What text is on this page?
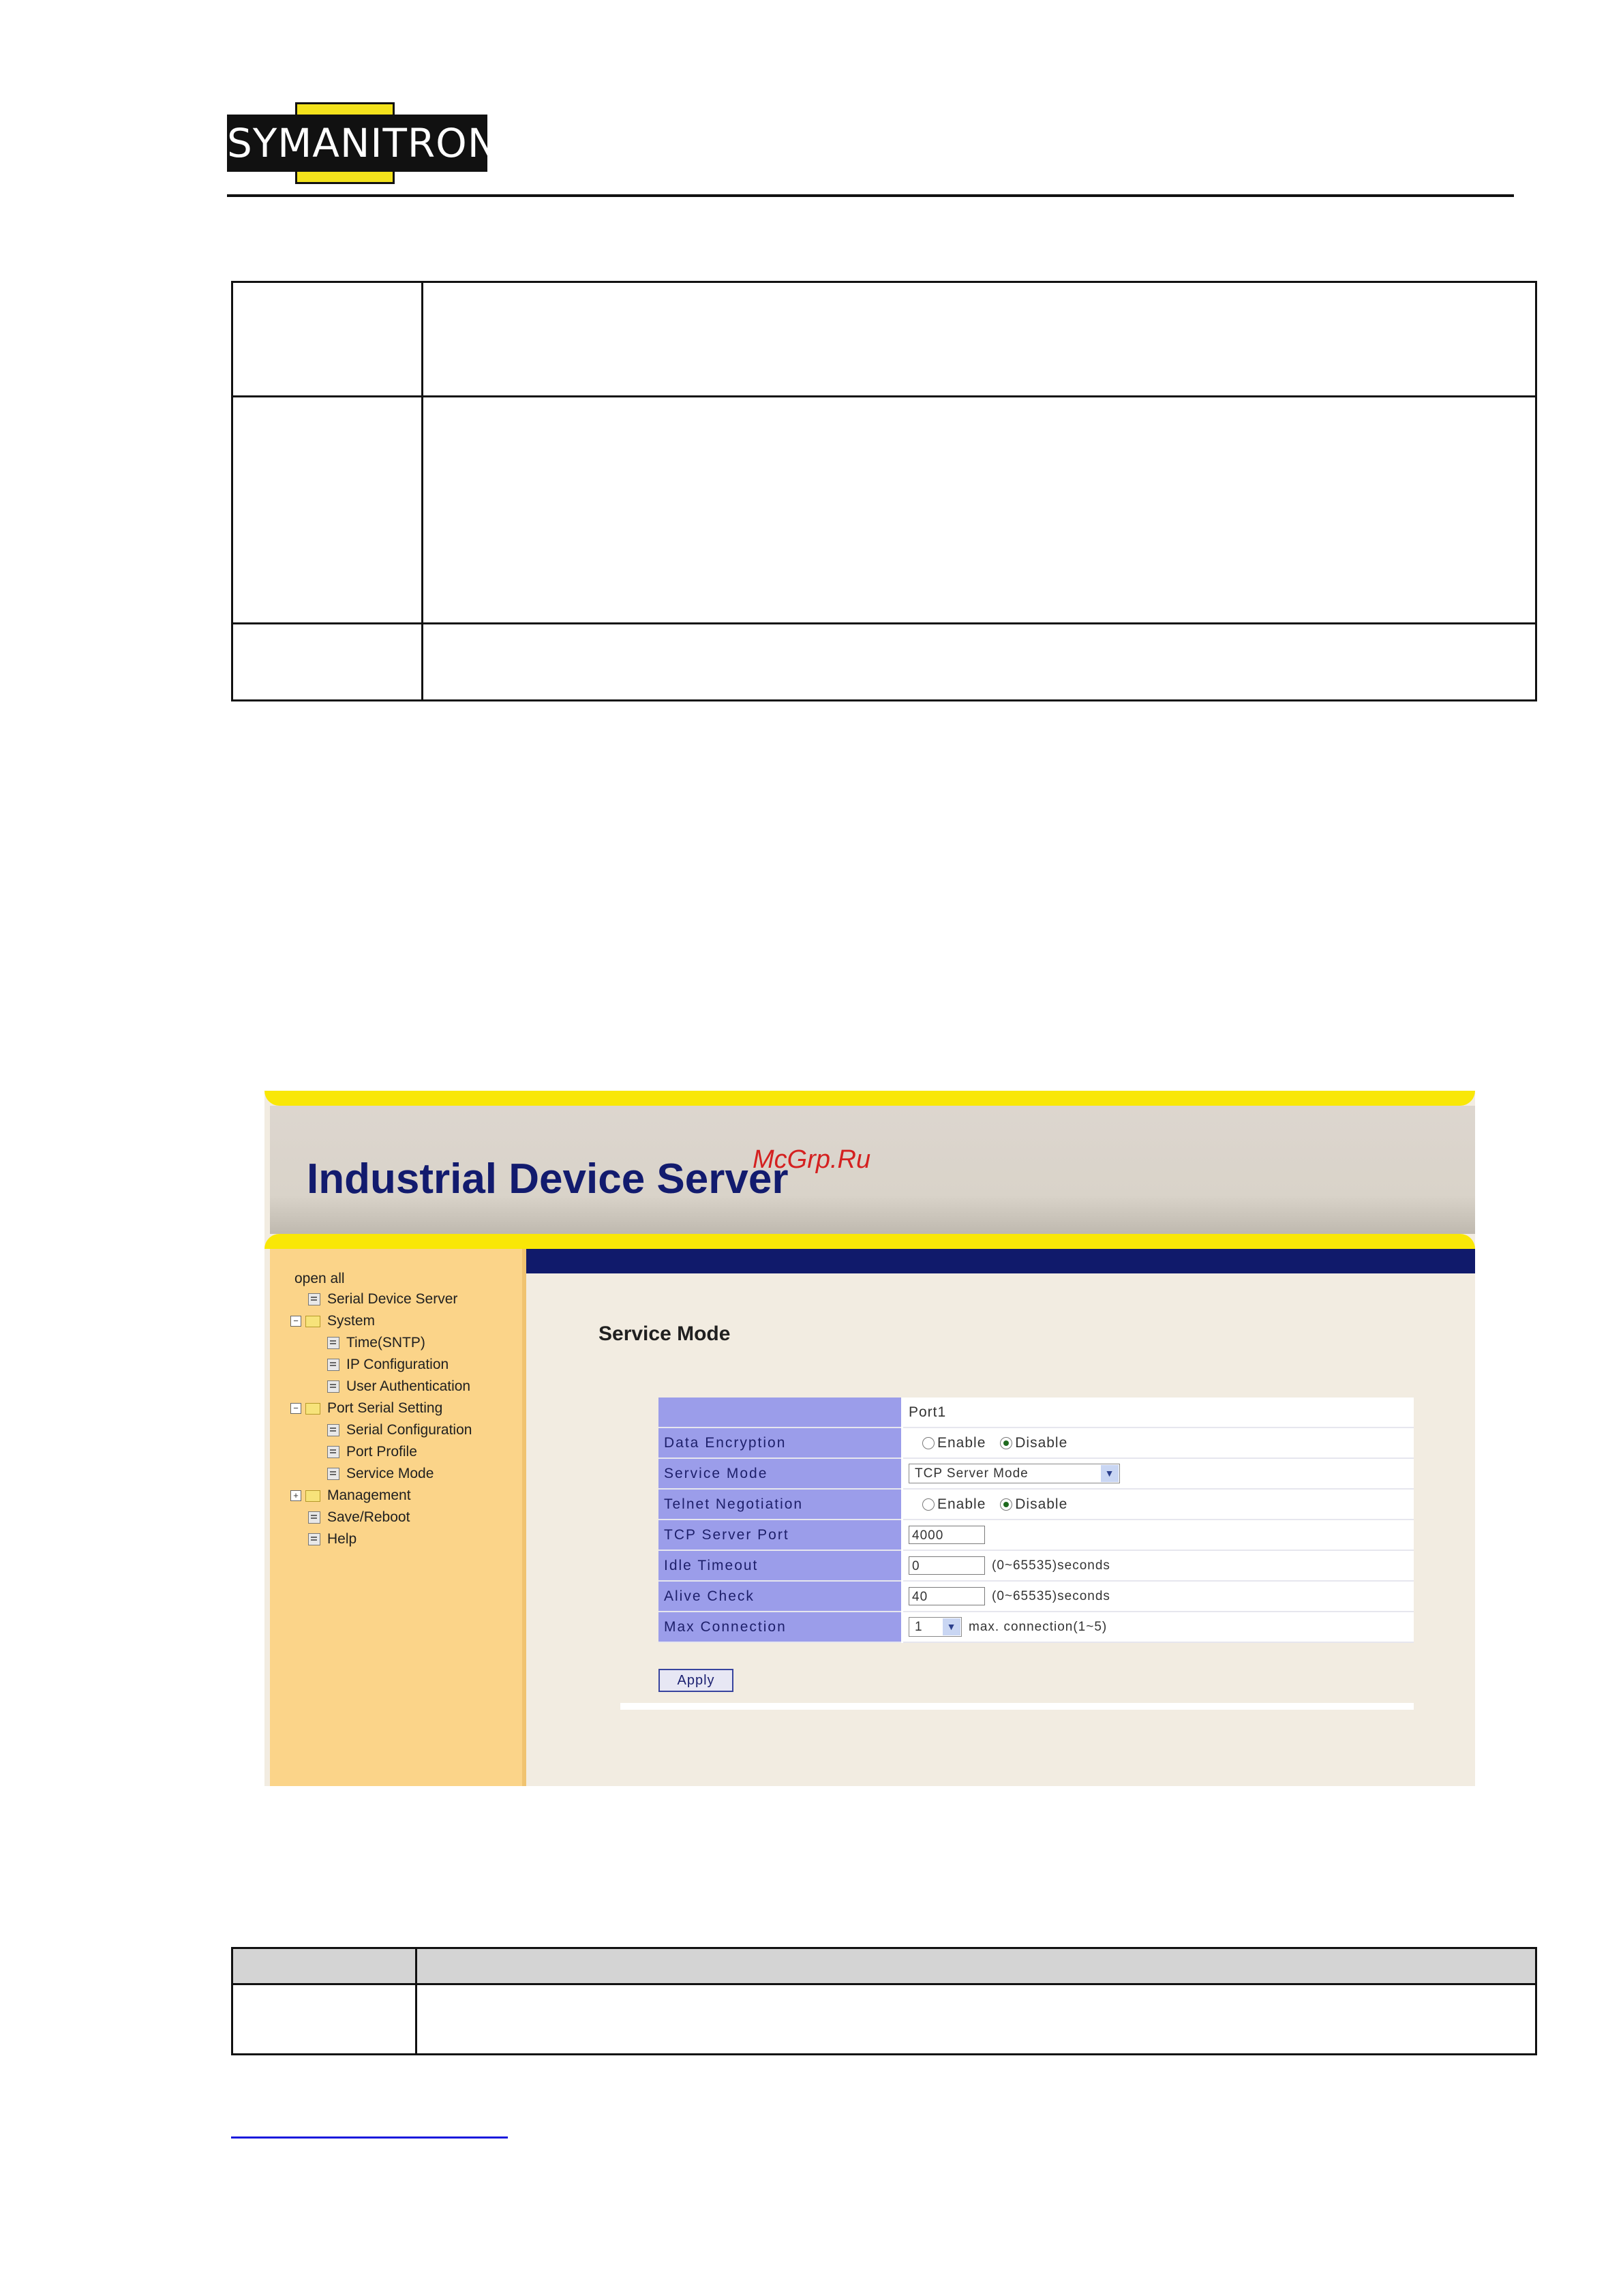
SYMANITRON

Industrial Device Server
McGrp.Ru
open all
Serial Device Server
− System
Time(SNTP)
IP Configuration
User Authentication
− Port Serial Setting
Serial Configuration
Port Profile
Service Mode
+ Management
Save/Reboot
Help
Service Mode
	Port1
Data Encryption	Enable Disable
Service Mode	TCP Server Mode ▼

Telnet Negotiation	Enable Disable
TCP Server Port	4000
Idle Timeout	0 (0~65535)seconds
Alive Check	40 (0~65535)seconds
Max Connection	1 ▼ max. connection(1~5)
Apply
